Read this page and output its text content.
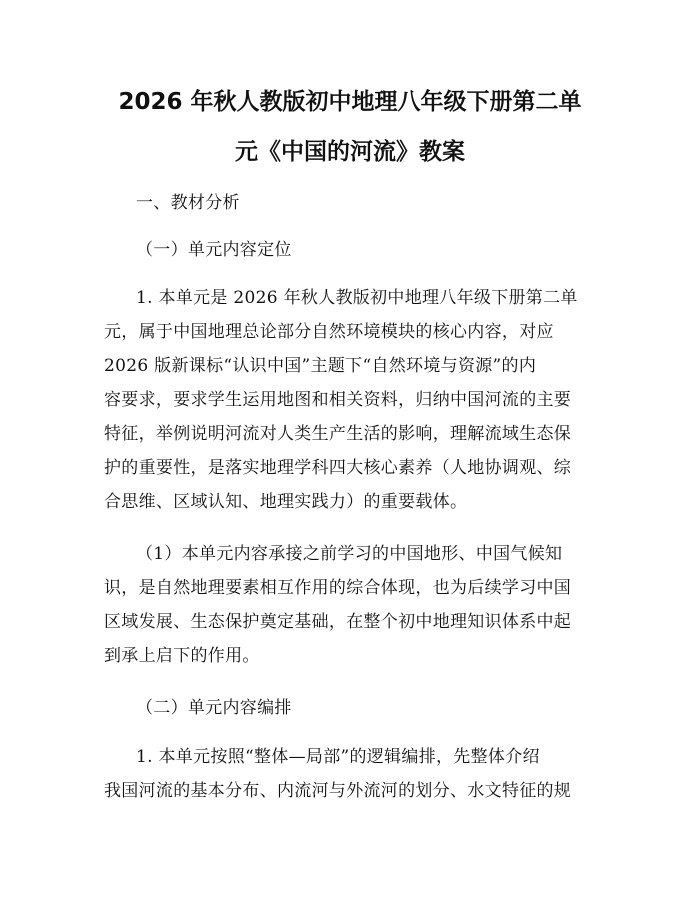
2026 年秋人教版初中地理八年级下册第二单
元《中国的河流》教案

一、教材分析

（一）单元内容定位

1. 本单元是 2026 年秋人教版初中地理八年级下册第二单

元，属于中国地理总论部分自然环境模块的核心内容，对应

2026 版新课标“认识中国”主题下“自然环境与资源”的内

容要求，要求学生运用地图和相关资料，归纳中国河流的主要

特征，举例说明河流对人类生产生活的影响，理解流域生态保

护的重要性，是落实地理学科四大核心素养（人地协调观、综

合思维、区域认知、地理实践力）的重要载体。

（1）本单元内容承接之前学习的中国地形、中国气候知

识，是自然地理要素相互作用的综合体现，也为后续学习中国

区域发展、生态保护奠定基础，在整个初中地理知识体系中起

到承上启下的作用。

（二）单元内容编排

1. 本单元按照“整体—局部”的逻辑编排，先整体介绍

我国河流的基本分布、内流河与外流河的划分、水文特征的规
